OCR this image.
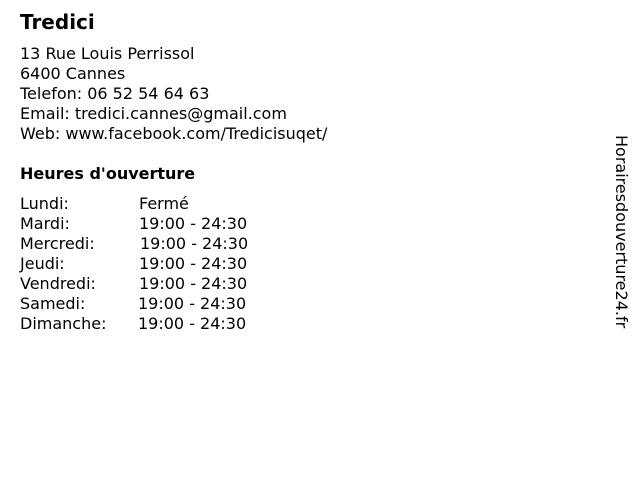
Tredici
13 Rue Louis Perrissol
6400 Cannes
Telefon: 06 52 54 64 63
Email: tredici.cannes@gmail.com
Web: www.facebook.com/Tredicisuqet/
Heures d'ouverture
Lundi:	Fermé
Mardi:	19:00 - 24:30
Mercredi:	19:00 - 24:30
Jeudi:	19:00 - 24:30
Vendredi:	19:00 - 24:30
Samedi:	19:00 - 24:30
Dimanche: 19:00 - 24:30	Horairesdouverture24.fr
